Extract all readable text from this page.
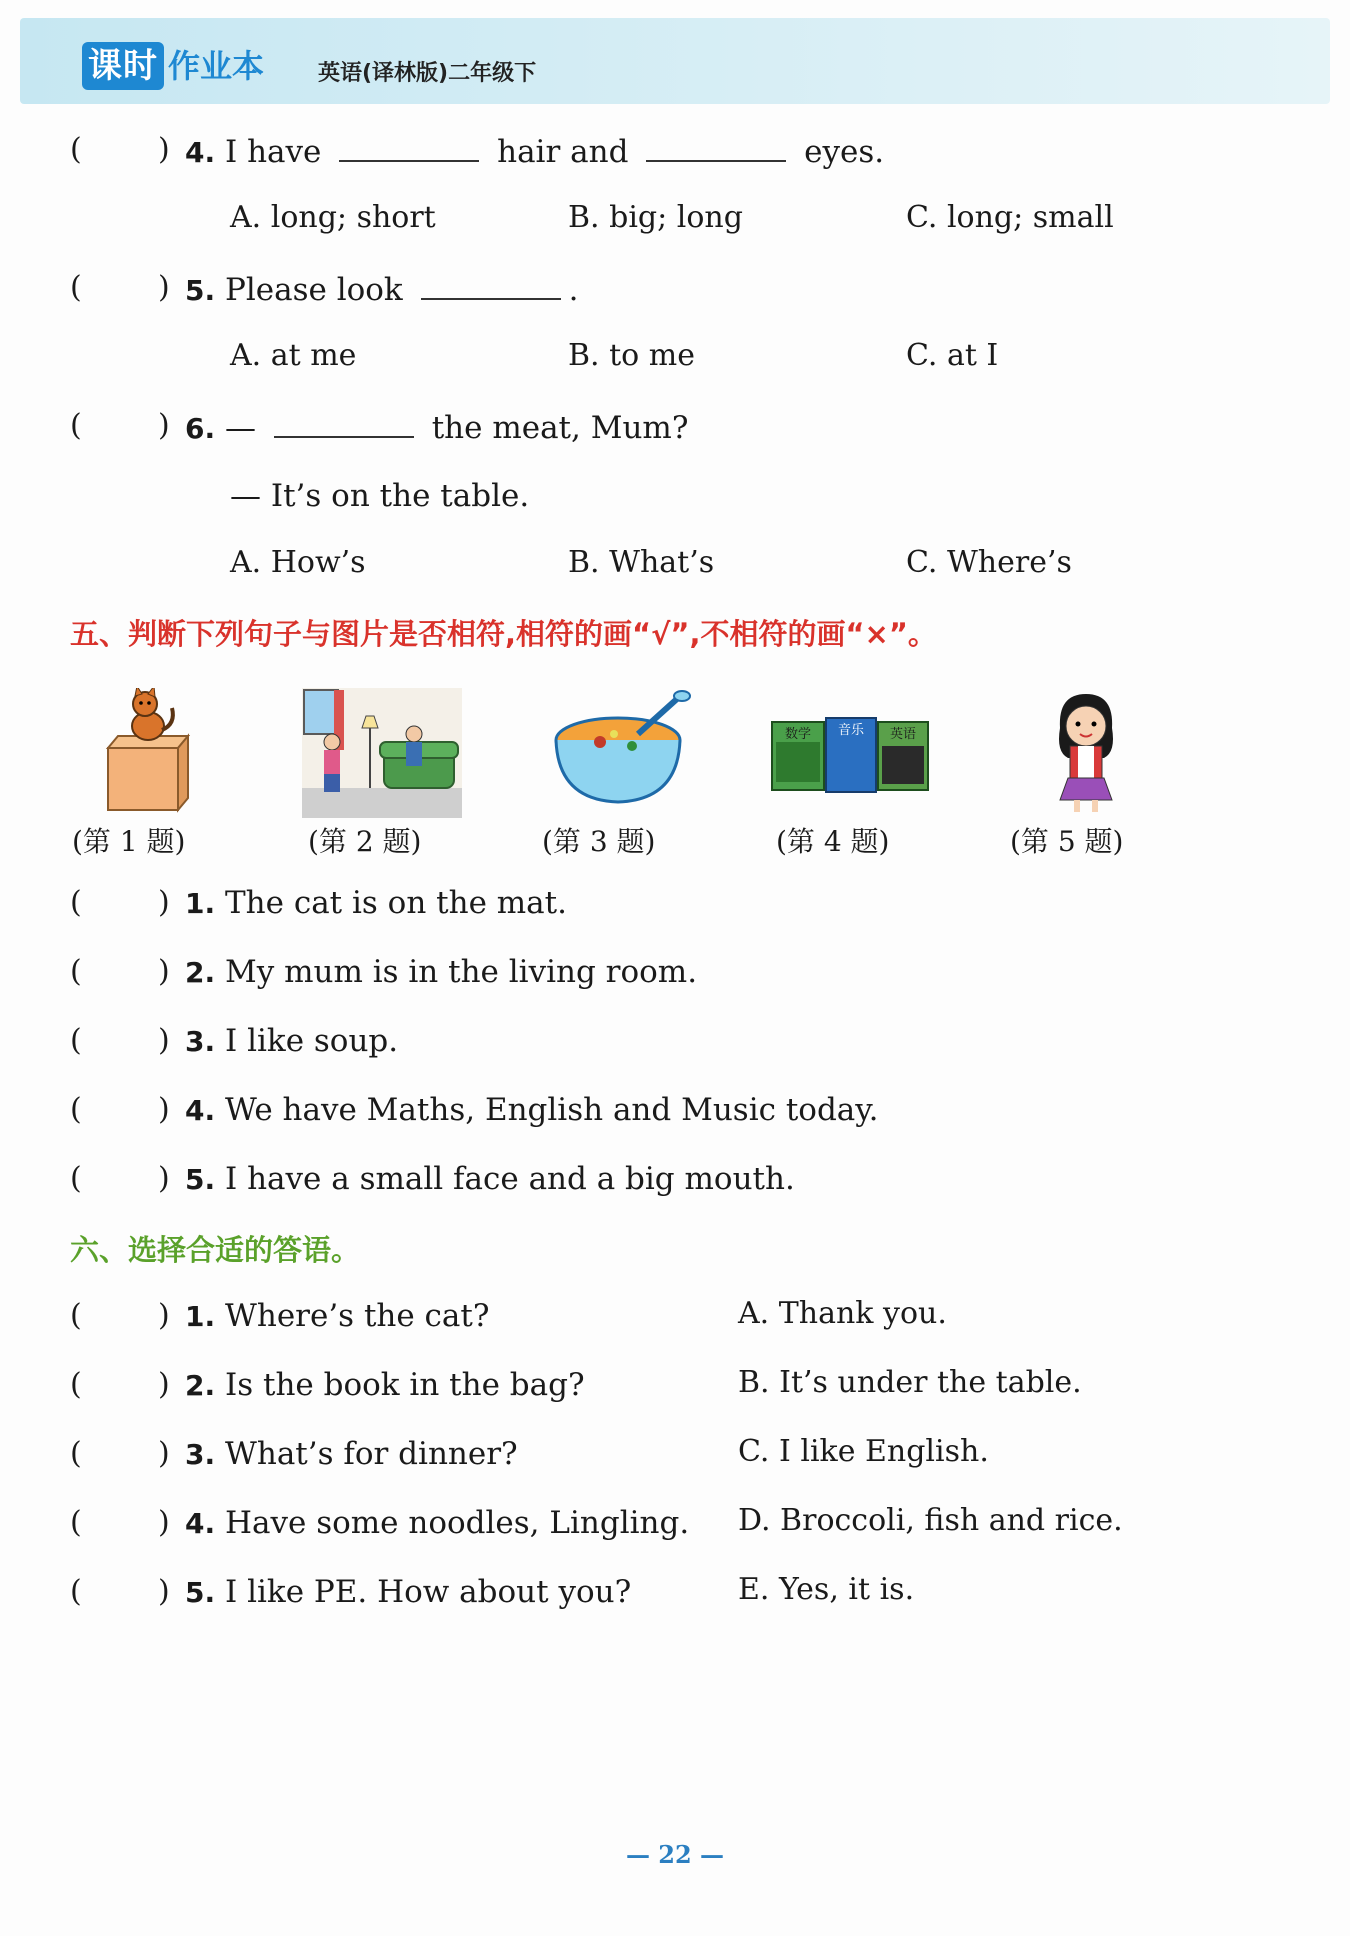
课时 作业本 英语(译林版)二年级下
(	) 4. I have	hair and	eyes.
A. long; short	B. big; long	C. long; small
(	) 5. Please look	.
A. at me	B. to me	C. at I
(	) 6. —	the meat, Mum?
— It’s on the table.
A. How’s	B. What’s	C. Where’s
五、判断下列句子与图片是否相符,相符的画“√”,不相符的画“×”。
数学 音乐 英语
(第 1 题)	(第 2 题)	(第 3 题)	(第 4 题)	(第 5 题)
(	) 1. The cat is on the mat.
(	) 2. My mum is in the living room.
(	) 3. I like soup.
(	) 4. We have Maths, English and Music today.
(	) 5. I have a small face and a big mouth.
六、选择合适的答语。
(	) 1. Where’s the cat?	A. Thank you.
(	) 2. Is the book in the bag?	B. It’s under the table.
(	) 3. What’s for dinner?	C. I like English.
(	) 4. Have some noodles, Lingling. D. Broccoli, fish and rice.
(	) 5. I like PE. How about you?	E. Yes, it is.
— 22 —
